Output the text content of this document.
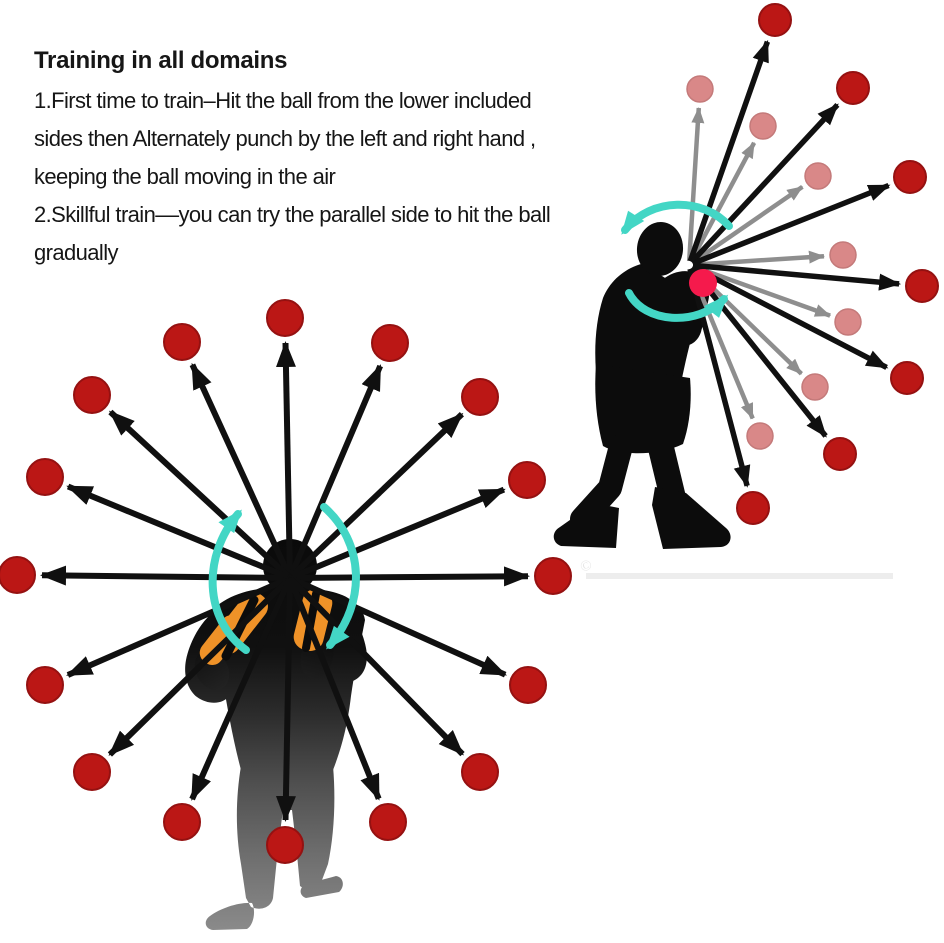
©
Training in all domains
1.First time to train–Hit the ball from the lower included
sides then Alternately punch by the left and right hand ,
keeping the ball moving in the air
2.Skillful train––you can try the parallel side to hit the ball
gradually
